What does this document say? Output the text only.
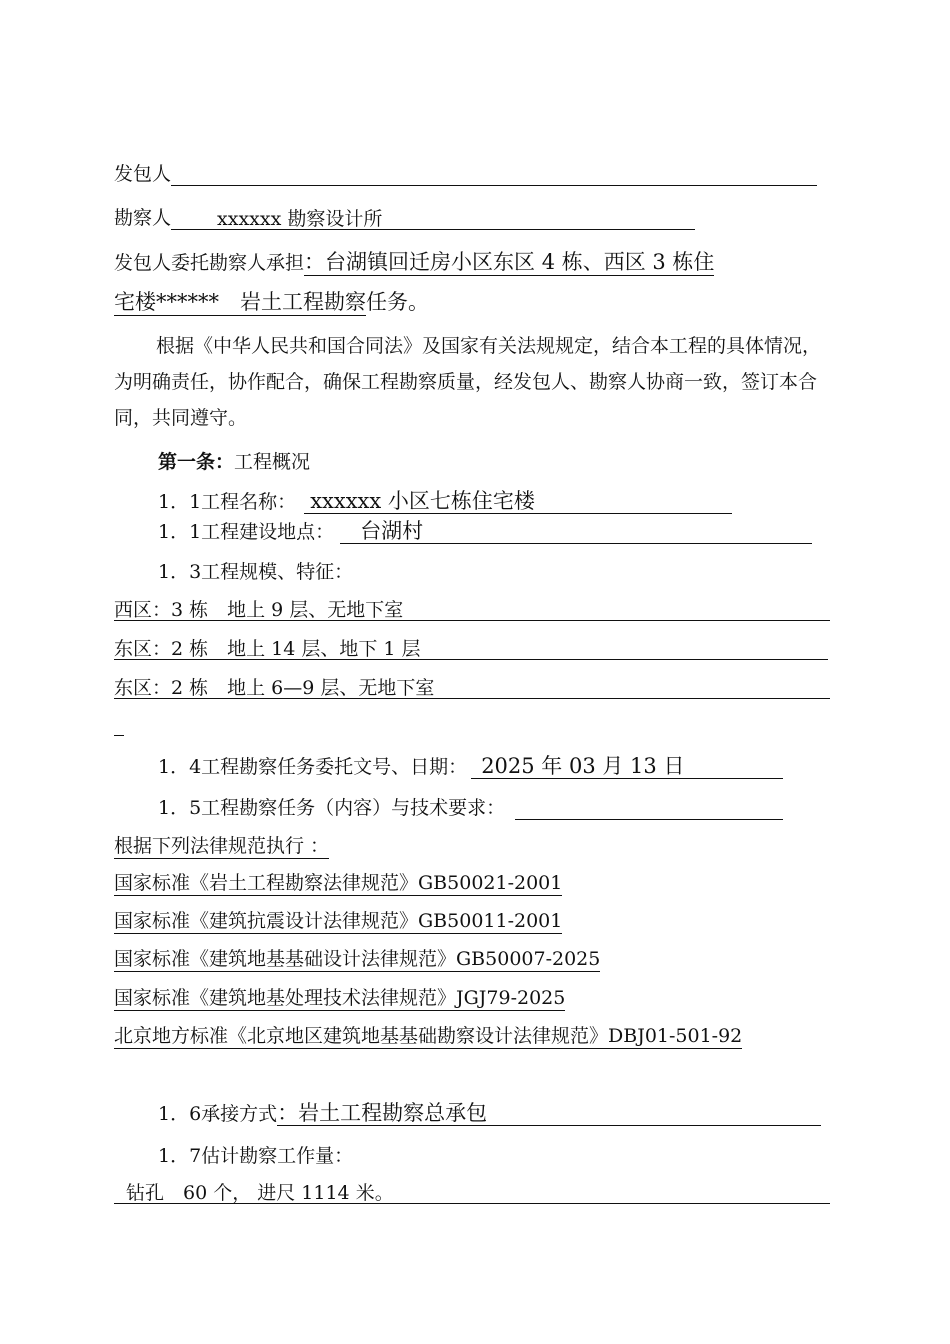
发包人
勘察人 xxxxxx 勘察设计所
发包人委托勘察人承担：台湖镇回迁房小区东区 4 栋、西区 3 栋住
宅楼******　岩土工程勘察任务。
根据《中华人民共和国合同法》及国家有关法规规定，结合本工程的具体情况，为明确责任，协作配合，确保工程勘察质量，经发包人、勘察人协商一致，签订本合同，共同遵守。
第一条：工程概况
1．1工程名称： xxxxxx 小区七栋住宅楼
1．1工程建设地点： 台湖村
1．3工程规模、特征：
西区：3 栋　地上 9 层、无地下室
东区：2 栋　地上 14 层、地下 1 层
东区：2 栋　地上 6—9 层、无地下室
1．4工程勘察任务委托文号、日期： 2025 年 03 月 13 日
1．5工程勘察任务（内容）与技术要求：
根据下列法律规范执行 ：
国家标准《岩土工程勘察法律规范》GB50021-2001
国家标准《建筑抗震设计法律规范》GB50011-2001
国家标准《建筑地基基础设计法律规范》GB50007-2025
国家标准《建筑地基处理技术法律规范》JGJ79-2025
北京地方标准《北京地区建筑地基基础勘察设计法律规范》DBJ01-501-92
1．6承接方式 ：岩土工程勘察总承包
1．7估计勘察工作量：
钻孔　60 个， 进尺 1114 米。
